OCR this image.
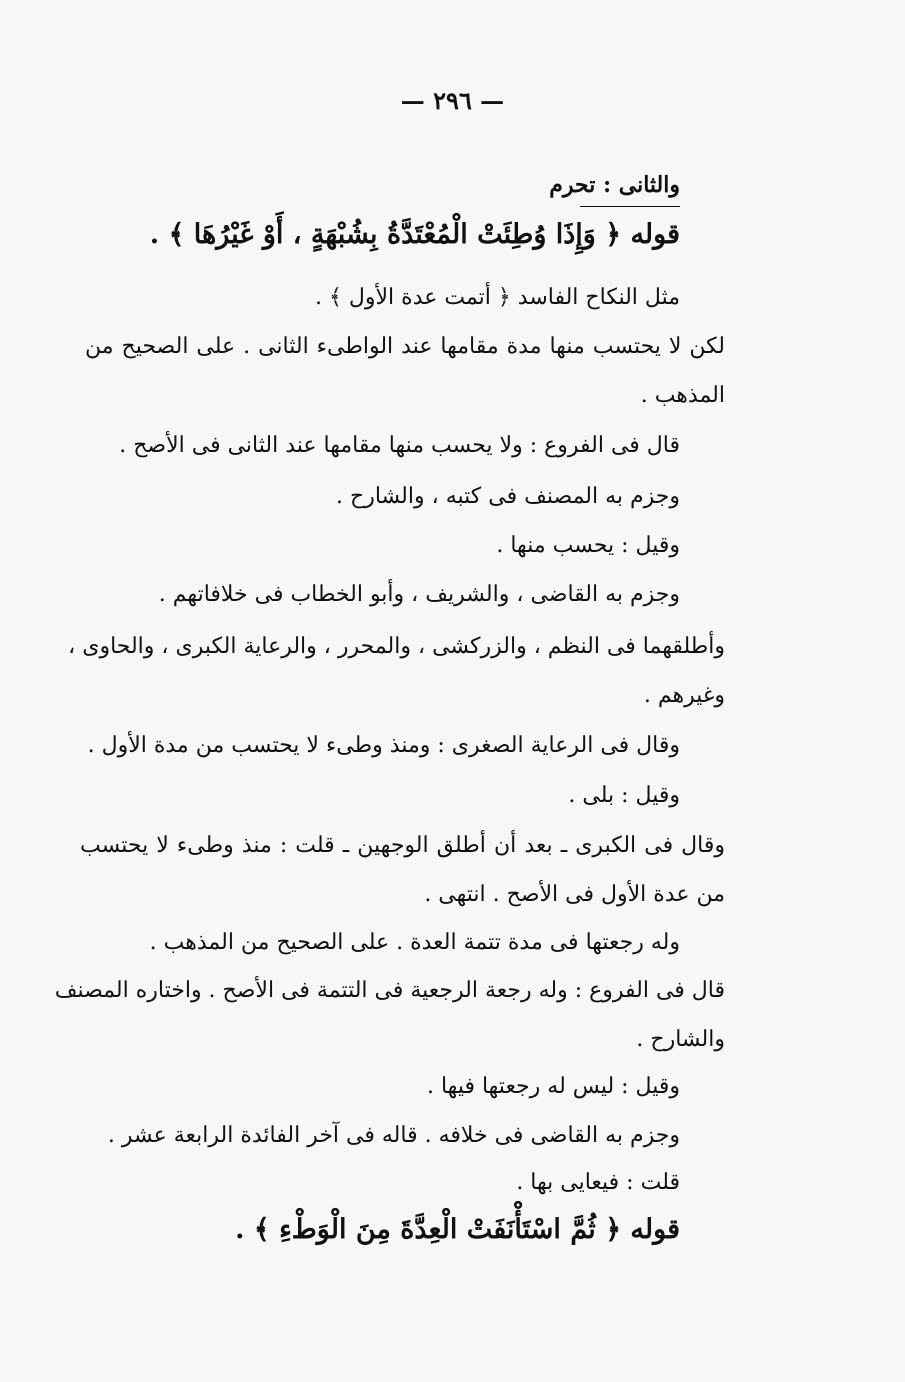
— ٢٩٦ —
والثانى : تحرم
قوله ﴿ وَإِذَا وُطِئَتْ الْمُعْتَدَّةُ بِشُبْهَةٍ ، أَوْ غَيْرُهَا ﴾ .
مثل النكاح الفاسد ﴿ أتمت عدة الأول ﴾ .
لكن لا يحتسب منها مدة مقامها عند الواطىء الثانى . على الصحيح من
المذهب .
قال فى الفروع : ولا يحسب منها مقامها عند الثانى فى الأصح .
وجزم به المصنف فى كتبه ، والشارح .
وقيل : يحسب منها .
وجزم به القاضى ، والشريف ، وأبو الخطاب فى خلافاتهم .
وأطلقهما فى النظم ، والزركشى ، والمحرر ، والرعاية الكبرى ، والحاوى ،
وغيرهم .
وقال فى الرعاية الصغرى : ومنذ وطىء لا يحتسب من مدة الأول .
وقيل : بلى .
وقال فى الكبرى ـ بعد أن أطلق الوجهين ـ قلت : منذ وطىء لا يحتسب
من عدة الأول فى الأصح . انتهى .
وله رجعتها فى مدة تتمة العدة . على الصحيح من المذهب .
قال فى الفروع : وله رجعة الرجعية فى التتمة فى الأصح . واختاره المصنف
والشارح .
وقيل : ليس له رجعتها فيها .
وجزم به القاضى فى خلافه . قاله فى آخر الفائدة الرابعة عشر .
قلت : فيعايى بها .
قوله ﴿ ثُمَّ اسْتَأْنَفَتْ الْعِدَّةَ مِنَ الْوَطْءِ ﴾ .
